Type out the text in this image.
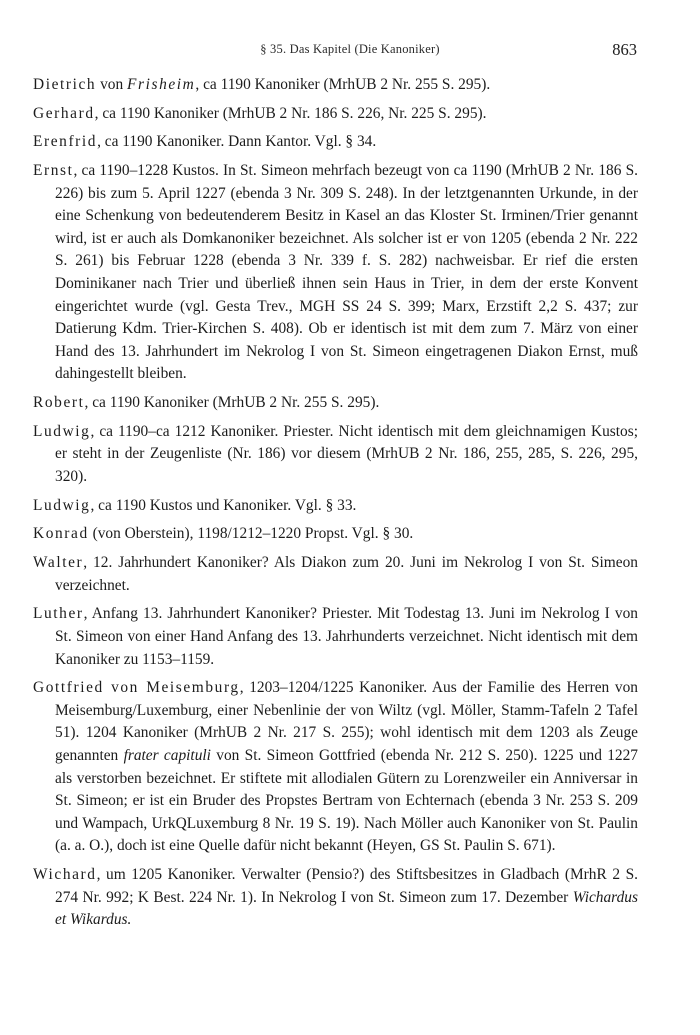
§ 35. Das Kapitel (Die Kanoniker)	863
Dietrich von Frisheim, ca 1190 Kanoniker (MrhUB 2 Nr. 255 S. 295).
Gerhard, ca 1190 Kanoniker (MrhUB 2 Nr. 186 S. 226, Nr. 225 S. 295).
Erenfrid, ca 1190 Kanoniker. Dann Kantor. Vgl. § 34.
Ernst, ca 1190–1228 Kustos. In St. Simeon mehrfach bezeugt von ca 1190 (MrhUB 2 Nr. 186 S. 226) bis zum 5. April 1227 (ebenda 3 Nr. 309 S. 248). In der letztgenannten Urkunde, in der eine Schenkung von bedeutenderem Besitz in Kasel an das Kloster St. Irminen/Trier genannt wird, ist er auch als Domkanoniker bezeichnet. Als solcher ist er von 1205 (ebenda 2 Nr. 222 S. 261) bis Februar 1228 (ebenda 3 Nr. 339 f. S. 282) nachweisbar. Er rief die ersten Dominikaner nach Trier und überließ ihnen sein Haus in Trier, in dem der erste Konvent eingerichtet wurde (vgl. Gesta Trev., MGH SS 24 S. 399; Marx, Erzstift 2,2 S. 437; zur Datierung Kdm. Trier-Kirchen S. 408). Ob er identisch ist mit dem zum 7. März von einer Hand des 13. Jahrhundert im Nekrolog I von St. Simeon eingetragenen Diakon Ernst, muß dahingestellt bleiben.
Robert, ca 1190 Kanoniker (MrhUB 2 Nr. 255 S. 295).
Ludwig, ca 1190–ca 1212 Kanoniker. Priester. Nicht identisch mit dem gleichnamigen Kustos; er steht in der Zeugenliste (Nr. 186) vor diesem (MrhUB 2 Nr. 186, 255, 285, S. 226, 295, 320).
Ludwig, ca 1190 Kustos und Kanoniker. Vgl. § 33.
Konrad (von Oberstein), 1198/1212–1220 Propst. Vgl. § 30.
Walter, 12. Jahrhundert Kanoniker? Als Diakon zum 20. Juni im Nekrolog I von St. Simeon verzeichnet.
Luther, Anfang 13. Jahrhundert Kanoniker? Priester. Mit Todestag 13. Juni im Nekrolog I von St. Simeon von einer Hand Anfang des 13. Jahrhunderts verzeichnet. Nicht identisch mit dem Kanoniker zu 1153–1159.
Gottfried von Meisemburg, 1203–1204/1225 Kanoniker. Aus der Familie des Herren von Meisemburg/Luxemburg, einer Nebenlinie der von Wiltz (vgl. Möller, Stamm-Tafeln 2 Tafel 51). 1204 Kanoniker (MrhUB 2 Nr. 217 S. 255); wohl identisch mit dem 1203 als Zeuge genannten frater capituli von St. Simeon Gottfried (ebenda Nr. 212 S. 250). 1225 und 1227 als verstorben bezeichnet. Er stiftete mit allodialen Gütern zu Lorenzweiler ein Anniversar in St. Simeon; er ist ein Bruder des Propstes Bertram von Echternach (ebenda 3 Nr. 253 S. 209 und Wampach, UrkQLuxemburg 8 Nr. 19 S. 19). Nach Möller auch Kanoniker von St. Paulin (a. a. O.), doch ist eine Quelle dafür nicht bekannt (Heyen, GS St. Paulin S. 671).
Wichard, um 1205 Kanoniker. Verwalter (Pensio?) des Stiftsbesitzes in Gladbach (MrhR 2 S. 274 Nr. 992; K Best. 224 Nr. 1). In Nekrolog I von St. Simeon zum 17. Dezember Wichardus et Wikardus.
